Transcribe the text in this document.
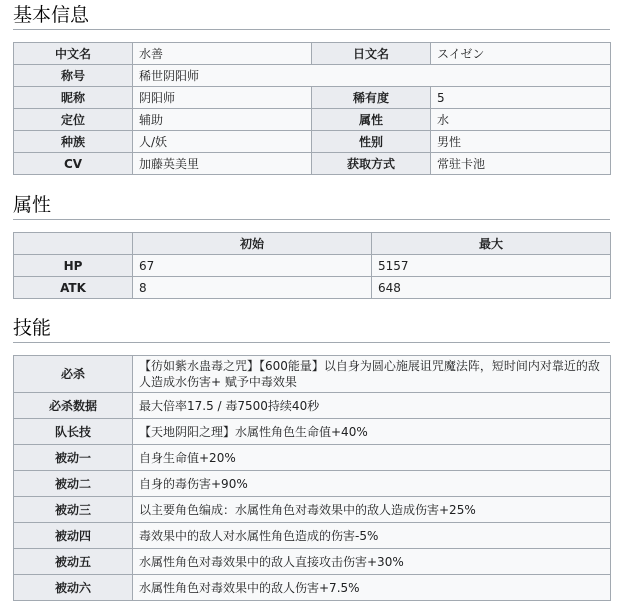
基本信息
中文名	水善	日文名	スイゼン
称号	稀世阴阳师		
昵称	阴阳师	稀有度	5
定位	辅助	属性	水
种族	人/妖	性别	男性
CV	加藤英美里	获取方式	常驻卡池
属性
	初始	最大
HP	67	5157
ATK	8	648
技能
必杀	【彷如紫水蛊毒之咒】【600能量】以自身为圆心施展诅咒魔法阵，短时间内对靠近的敌人造成水伤害+ 赋予中毒效果
必杀数据	最大倍率17.5 / 毒7500持续40秒
队长技	【天地阴阳之理】水属性角色生命值+40%
被动一	自身生命值+20%
被动二	自身的毒伤害+90%
被动三	以主要角色编成：水属性角色对毒效果中的敌人造成伤害+25%
被动四	毒效果中的敌人对水属性角色造成的伤害-5%
被动五	水属性角色对毒效果中的敌人直接攻击伤害+30%
被动六	水属性角色对毒效果中的敌人伤害+7.5%
